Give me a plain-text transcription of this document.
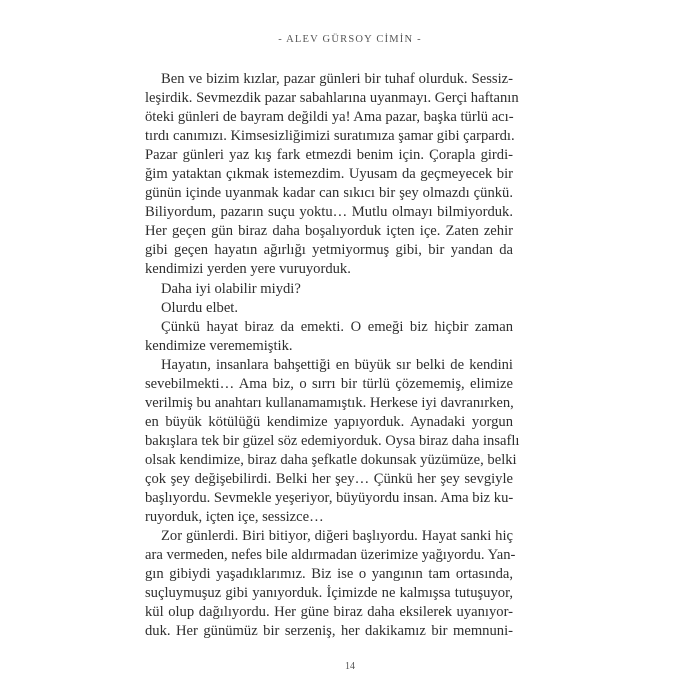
- ALEV GÜRSOY CİMİN -
Ben ve bizim kızlar, pazar günleri bir tuhaf olurduk. Sessiz-
leşirdik. Sevmezdik pazar sabahlarına uyanmayı. Gerçi haftanın
öteki günleri de bayram değildi ya! Ama pazar, başka türlü acı-
tırdı canımızı. Kimsesizliğimizi suratımıza şamar gibi çarpardı.
Pazar günleri yaz kış fark etmezdi benim için. Çorapla girdi-
ğim yataktan çıkmak istemezdim. Uyusam da geçmeyecek bir
günün içinde uyanmak kadar can sıkıcı bir şey olmazdı çünkü.
Biliyordum, pazarın suçu yoktu… Mutlu olmayı bilmiyorduk.
Her geçen gün biraz daha boşalıyorduk içten içe. Zaten zehir
gibi geçen hayatın ağırlığı yetmiyormuş gibi, bir yandan da
kendimizi yerden yere vuruyorduk.
Daha iyi olabilir miydi?
Olurdu elbet.
Çünkü hayat biraz da emekti. O emeği biz hiçbir zaman
kendimize verememiştik.
Hayatın, insanlara bahşettiği en büyük sır belki de kendini
sevebilmekti… Ama biz, o sırrı bir türlü çözememiş, elimize
verilmiş bu anahtarı kullanamamıştık. Herkese iyi davranırken,
en büyük kötülüğü kendimize yapıyorduk. Aynadaki yorgun
bakışlara tek bir güzel söz edemiyorduk. Oysa biraz daha insaflı
olsak kendimize, biraz daha şefkatle dokunsak yüzümüze, belki
çok şey değişebilirdi. Belki her şey… Çünkü her şey sevgiyle
başlıyordu. Sevmekle yeşeriyor, büyüyordu insan. Ama biz ku-
ruyorduk, içten içe, sessizce…
Zor günlerdi. Biri bitiyor, diğeri başlıyordu. Hayat sanki hiç
ara vermeden, nefes bile aldırmadan üzerimize yağıyordu. Yan-
gın gibiydi yaşadıklarımız. Biz ise o yangının tam ortasında,
suçluymuşuz gibi yanıyorduk. İçimizde ne kalmışsa tutuşuyor,
kül olup dağılıyordu. Her güne biraz daha eksilerek uyanıyor-
duk. Her günümüz bir serzeniş, her dakikamız bir memnuni-
14
